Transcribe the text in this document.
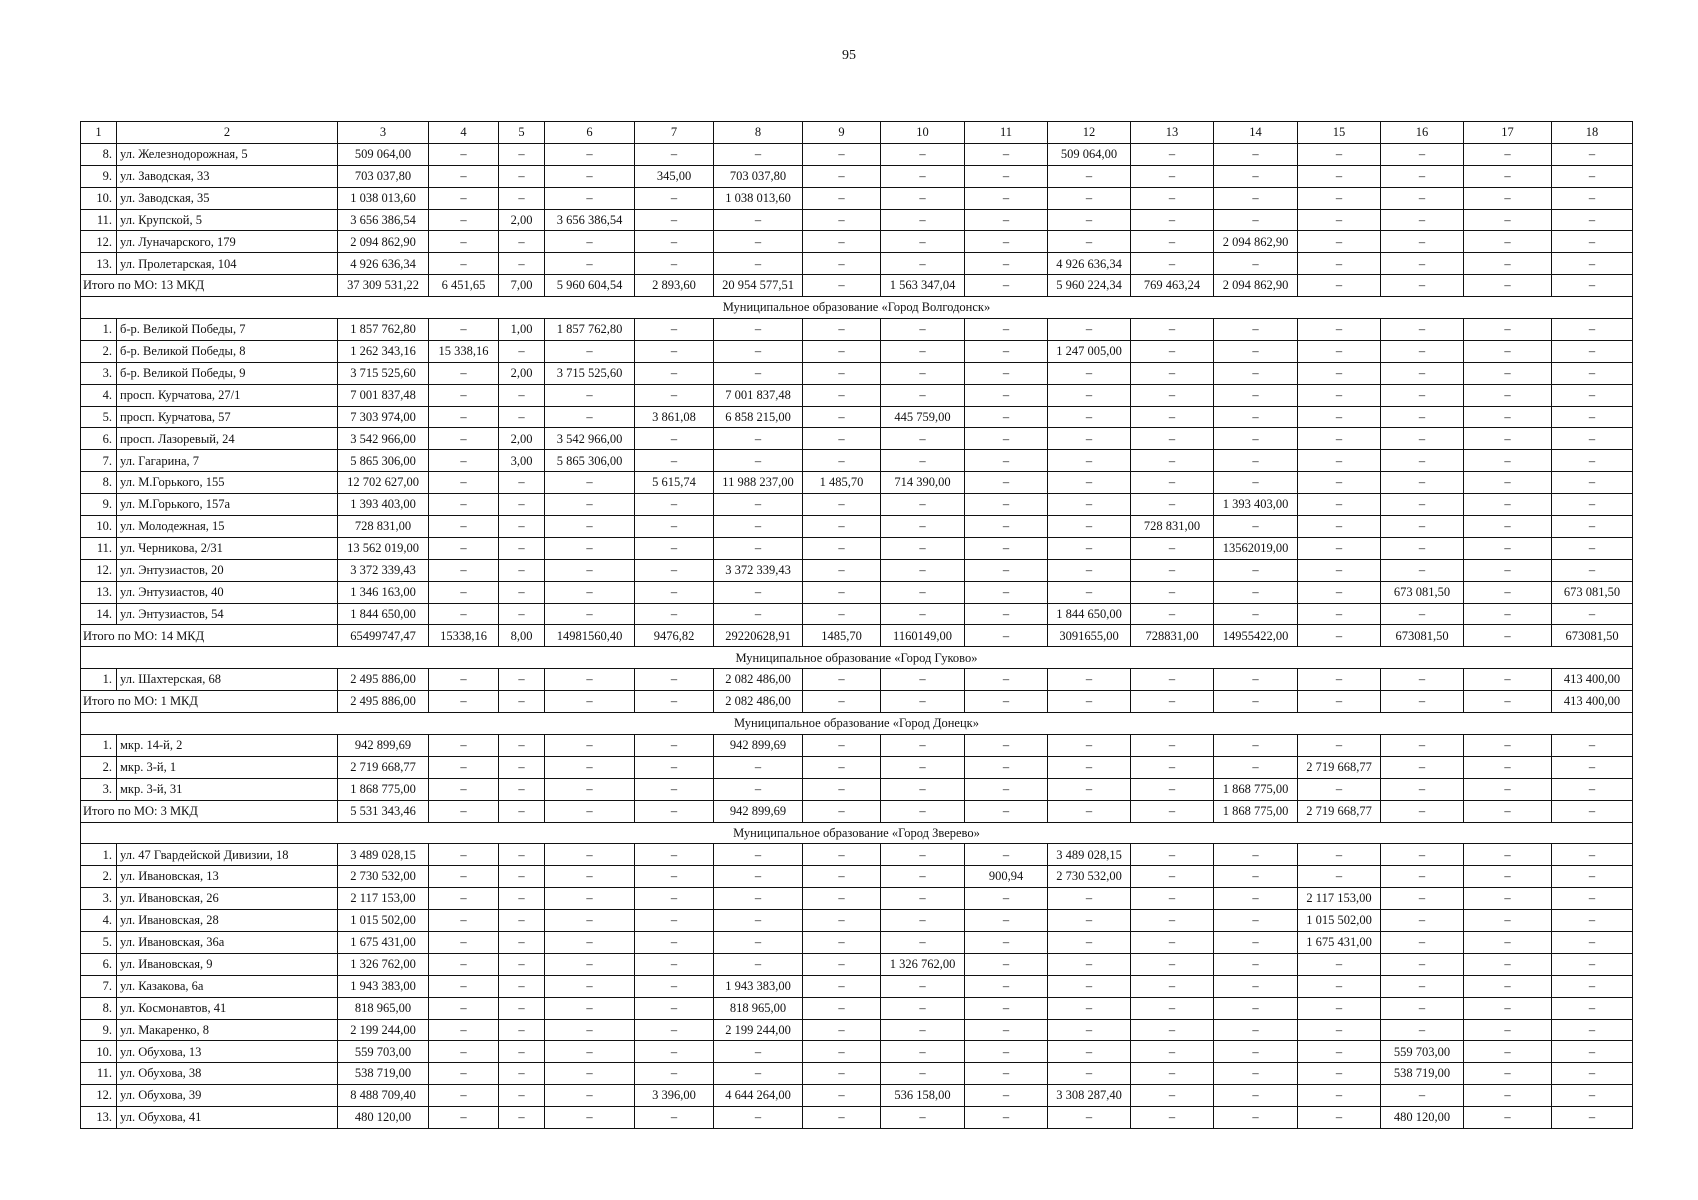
95
1	2	3	4	5	6	7	8	9	10	11	12	13	14	15	16	17	18
8.	ул. Железнодорожная, 5	509 064,00	–	–	–	–	–	–	–	–	509 064,00	–	–	–	–	–	–
9.	ул. Заводская, 33	703 037,80	–	–	–	345,00	703 037,80	–	–	–	–	–	–	–	–	–	–
10.	ул. Заводская, 35	1 038 013,60	–	–	–	–	1 038 013,60	–	–	–	–	–	–	–	–	–	–
11.	ул. Крупской, 5	3 656 386,54	–	2,00	3 656 386,54	–	–	–	–	–	–	–	–	–	–	–	–
12.	ул. Луначарского, 179	2 094 862,90	–	–	–	–	–	–	–	–	–	–	2 094 862,90	–	–	–	–
13.	ул. Пролетарская, 104	4 926 636,34	–	–	–	–	–	–	–	–	4 926 636,34	–	–	–	–	–	–
Итого по МО: 13 МКД		37 309 531,22	6 451,65	7,00	5 960 604,54	2 893,60	20 954 577,51	–	1 563 347,04	–	5 960 224,34	769 463,24	2 094 862,90	–	–	–	–
Муниципальное образование «Город Волгодонск»																	
1.	б-р. Великой Победы, 7	1 857 762,80	–	1,00	1 857 762,80	–	–	–	–	–	–	–	–	–	–	–	–
2.	б-р. Великой Победы, 8	1 262 343,16	15 338,16	–	–	–	–	–	–	–	1 247 005,00	–	–	–	–	–	–
3.	б-р. Великой Победы, 9	3 715 525,60	–	2,00	3 715 525,60	–	–	–	–	–	–	–	–	–	–	–	–
4.	просп. Курчатова, 27/1	7 001 837,48	–	–	–	–	7 001 837,48	–	–	–	–	–	–	–	–	–	–
5.	просп. Курчатова, 57	7 303 974,00	–	–	–	3 861,08	6 858 215,00	–	445 759,00	–	–	–	–	–	–	–	–
6.	просп. Лазоревый, 24	3 542 966,00	–	2,00	3 542 966,00	–	–	–	–	–	–	–	–	–	–	–	–
7.	ул. Гагарина, 7	5 865 306,00	–	3,00	5 865 306,00	–	–	–	–	–	–	–	–	–	–	–	–
8.	ул. М.Горького, 155	12 702 627,00	–	–	–	5 615,74	11 988 237,00	1 485,70	714 390,00	–	–	–	–	–	–	–	–
9.	ул. М.Горького, 157а	1 393 403,00	–	–	–	–	–	–	–	–	–	–	1 393 403,00	–	–	–	–
10.	ул. Молодежная, 15	728 831,00	–	–	–	–	–	–	–	–	–	728 831,00	–	–	–	–	–
11.	ул. Черникова, 2/31	13 562 019,00	–	–	–	–	–	–	–	–	–	–	13562019,00	–	–	–	–
12.	ул. Энтузиастов, 20	3 372 339,43	–	–	–	–	3 372 339,43	–	–	–	–	–	–	–	–	–	–
13.	ул. Энтузиастов, 40	1 346 163,00	–	–	–	–	–	–	–	–	–	–	–	–	673 081,50	–	673 081,50
14.	ул. Энтузиастов, 54	1 844 650,00	–	–	–	–	–	–	–	–	1 844 650,00	–	–	–	–	–	–
Итого по МО: 14 МКД		65499747,47	15338,16	8,00	14981560,40	9476,82	29220628,91	1485,70	1160149,00	–	3091655,00	728831,00	14955422,00	–	673081,50	–	673081,50
Муниципальное образование «Город Гуково»																	
1.	ул. Шахтерская, 68	2 495 886,00	–	–	–	–	2 082 486,00	–	–	–	–	–	–	–	–	–	413 400,00
Итого по МО: 1 МКД		2 495 886,00	–	–	–	–	2 082 486,00	–	–	–	–	–	–	–	–	–	413 400,00
Муниципальное образование «Город Донецк»																	
1.	мкр. 14-й, 2	942 899,69	–	–	–	–	942 899,69	–	–	–	–	–	–	–	–	–	–
2.	мкр. 3-й, 1	2 719 668,77	–	–	–	–	–	–	–	–	–	–	–	2 719 668,77	–	–	–
3.	мкр. 3-й, 31	1 868 775,00	–	–	–	–	–	–	–	–	–	–	1 868 775,00	–	–	–	–
Итого по МО: 3 МКД		5 531 343,46	–	–	–	–	942 899,69	–	–	–	–	–	1 868 775,00	2 719 668,77	–	–	–
Муниципальное образование «Город Зверево»																	
1.	ул. 47 Гвардейской Дивизии, 18	3 489 028,15	–	–	–	–	–	–	–	–	3 489 028,15	–	–	–	–	–	–
2.	ул. Ивановская, 13	2 730 532,00	–	–	–	–	–	–	–	900,94	2 730 532,00	–	–	–	–	–	–
3.	ул. Ивановская, 26	2 117 153,00	–	–	–	–	–	–	–	–	–	–	–	2 117 153,00	–	–	–
4.	ул. Ивановская, 28	1 015 502,00	–	–	–	–	–	–	–	–	–	–	–	1 015 502,00	–	–	–
5.	ул. Ивановская, 36а	1 675 431,00	–	–	–	–	–	–	–	–	–	–	–	1 675 431,00	–	–	–
6.	ул. Ивановская, 9	1 326 762,00	–	–	–	–	–	–	1 326 762,00	–	–	–	–	–	–	–	–
7.	ул. Казакова, 6а	1 943 383,00	–	–	–	–	1 943 383,00	–	–	–	–	–	–	–	–	–	–
8.	ул. Космонавтов, 41	818 965,00	–	–	–	–	818 965,00	–	–	–	–	–	–	–	–	–	–
9.	ул. Макаренко, 8	2 199 244,00	–	–	–	–	2 199 244,00	–	–	–	–	–	–	–	–	–	–
10.	ул. Обухова, 13	559 703,00	–	–	–	–	–	–	–	–	–	–	–	–	559 703,00	–	–
11.	ул. Обухова, 38	538 719,00	–	–	–	–	–	–	–	–	–	–	–	–	538 719,00	–	–
12.	ул. Обухова, 39	8 488 709,40	–	–	–	3 396,00	4 644 264,00	–	536 158,00	–	3 308 287,40	–	–	–	–	–	–
13.	ул. Обухова, 41	480 120,00	–	–	–	–	–	–	–	–	–	–	–	–	480 120,00	–	–
